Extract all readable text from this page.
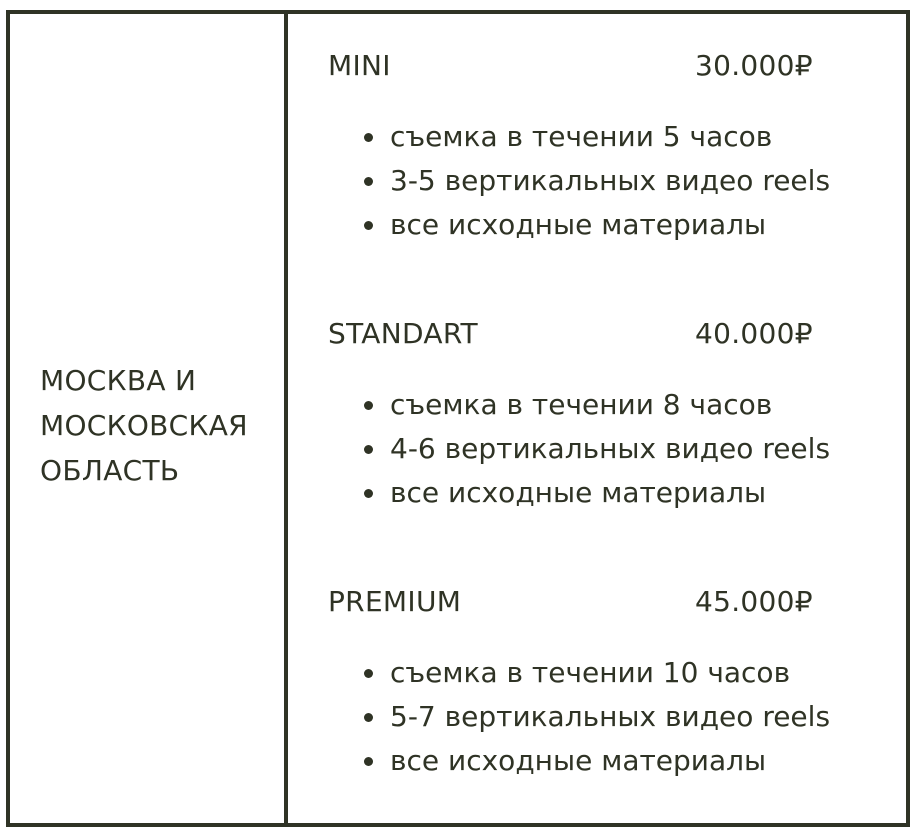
МОСКВА И
МОСКОВСКАЯ
ОБЛАСТЬ
MINI	30.000₽
съемка в течении 5 часов
3-5 вертикальных видео reels
все исходные материалы
STANDART	40.000₽
съемка в течении 8 часов
4-6 вертикальных видео reels
все исходные материалы
PREMIUM	45.000₽
съемка в течении 10 часов
5-7 вертикальных видео reels
все исходные материалы
